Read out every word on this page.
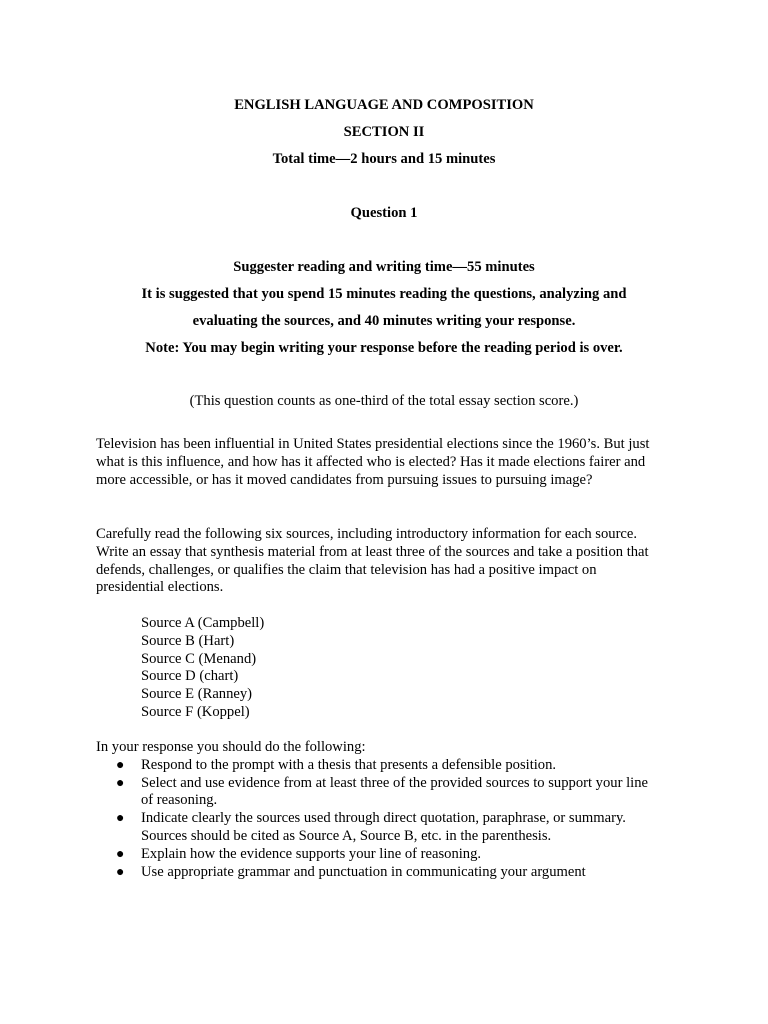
ENGLISH LANGUAGE AND COMPOSITION
SECTION II
Total time—2 hours and 15 minutes
Question 1
Suggester reading and writing time—55 minutes
It is suggested that you spend 15 minutes reading the questions, analyzing and
evaluating the sources, and 40 minutes writing your response.
Note: You may begin writing your response before the reading period is over.
(This question counts as one-third of the total essay section score.)

Television has been influential in United States presidential elections since the 1960’s. But just what is this influence, and how has it affected who is elected? Has it made elections fairer and more accessible, or has it moved candidates from pursuing issues to pursuing image?

Carefully read the following six sources, including introductory information for each source. Write an essay that synthesis material from at least three of the sources and take a position that defends, challenges, or qualifies the claim that television has had a positive impact on presidential elections.

Source A (Campbell)
Source B (Hart)
Source C (Menand)
Source D (chart)
Source E (Ranney)
Source F (Koppel)
In your response you should do the following:
● Respond to the prompt with a thesis that presents a defensible position.
● Select and use evidence from at least three of the provided sources to support your line of reasoning.
● Indicate clearly the sources used through direct quotation, paraphrase, or summary. Sources should be cited as Source A, Source B, etc. in the parenthesis.
● Explain how the evidence supports your line of reasoning.
● Use appropriate grammar and punctuation in communicating your argument
